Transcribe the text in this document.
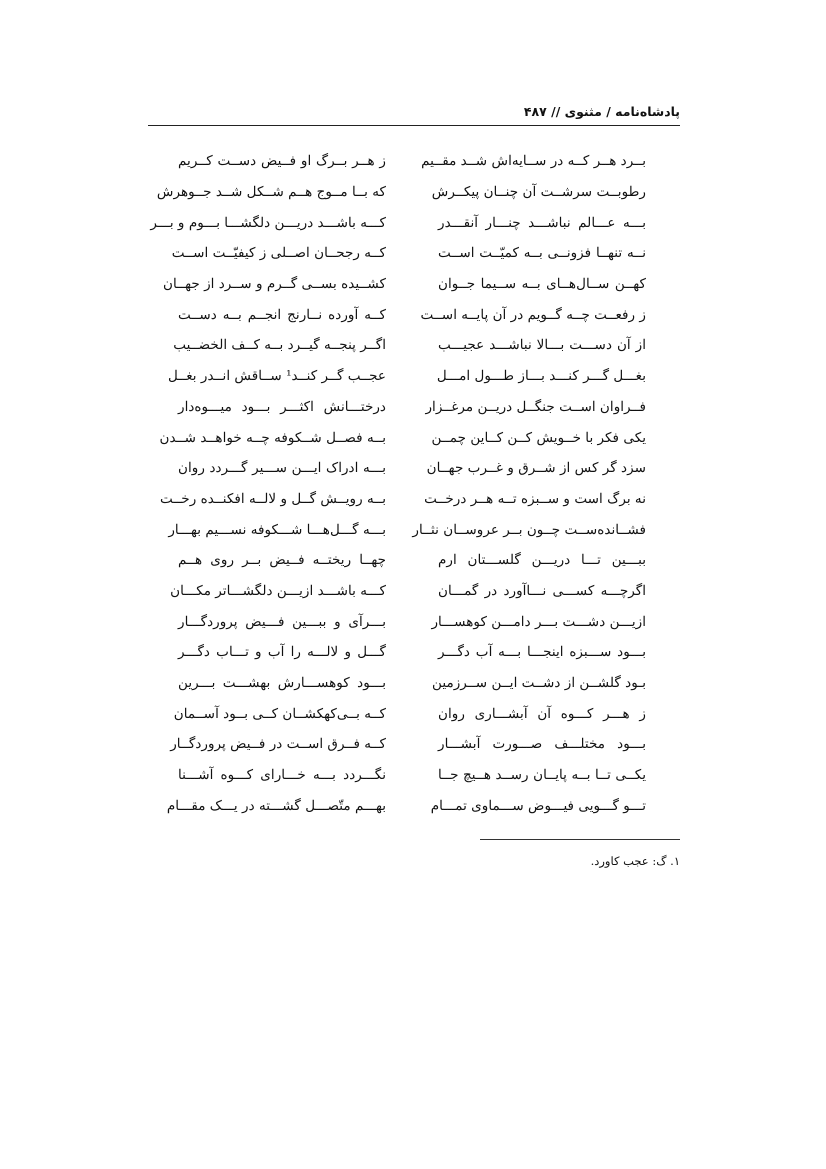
پادشاه‌نامه / مثنوی // ۴۸۷
ز هــر بــرگ او فــیض دســت کــریم	بــرد هــر کــه در ســایه‌اش شــد مقــیم
که بــا مــوج هــم شــکل شــد جــوهرش	رطوبــت سرشــت آن چنــان پیکــرش
کـــه باشـــد دریـــن دلگشـــا بـــوم و بـــر	بـــه عـــالم نباشـــد چنـــار آنقـــدر
کــه رجحــان اصــلی ز کیفیّــت اســت	نــه تنهــا فزونــی بــه کمیّــت اســت
کشــیده بســی گــرم و ســرد از جهــان	کهــن ســال‌هــای بــه ســیما جــوان
کــه آورده نــارنج انجــم بــه دســت	ز رفعــت چــه گــویم در آن پایــه اســت
اگــر پنجــه گیــرد بــه کــف الخضــیب	از آن دســـت بـــالا نباشـــد عجیـــب
عجــب گــر کنــد¹ ســاقش انــدر بغــل	بغـــل گـــر کنـــد بـــاز طـــول امـــل
درختـــانش اکثـــر بـــود میـــوه‌دار	فــراوان اســت جنگــل دریــن مرغــزار
بــه فصــل شــکوفه چــه خواهــد شــدن	یکی فکر با خــویش کــن کــاین چمــن
بـــه ادراک ایـــن ســـیر گـــردد روان	سزد گر کس از شــرق و غــرب جهــان
بــه رویــش گــل و لالــه افکنــده رخــت	نه برگ است و ســبزه تــه هــر درخــت
بـــه گـــل‌هـــا شـــکوفه نســـیم بهـــار فشــانده‌ســت چــون بــر عروســان نثــار
چهــا ریختــه فــیض بــر روی هــم	ببـــین تـــا دریـــن گلســـتان ارم
کـــه باشـــد ازیـــن دلگشـــاتر مکـــان	اگرچـــه کســـی نـــاآورد در گمـــان
بـــرآی و ببـــین فـــیض پروردگـــار	ازیـــن دشـــت بـــر دامـــن کوهســـار
گـــل و لالـــه را آب و تـــاب دگـــر	بـــود ســـبزه اینجـــا بـــه آب دگـــر
بـــود کوهســـارش بهشـــت بـــرین	بـود گلشــن از دشــت ایــن ســرزمین
کــه بــی‌کهکشــان کــی بــود آســمان	ز هـــر کـــوه آن آبشـــاری روان
کــه فــرق اســت در فــیض پروردگــار	بـــود مختلـــف صـــورت آبشـــار
نگـــردد بـــه خـــارای کـــوه آشـــنا	یکــی تــا بــه پایــان رســد هــیچ جــا
بهـــم متّصـــل گشـــته در یـــک مقـــام	تـــو گـــویی فیـــوض ســـماوی تمـــام
۱. گ: عجب کاورد.
